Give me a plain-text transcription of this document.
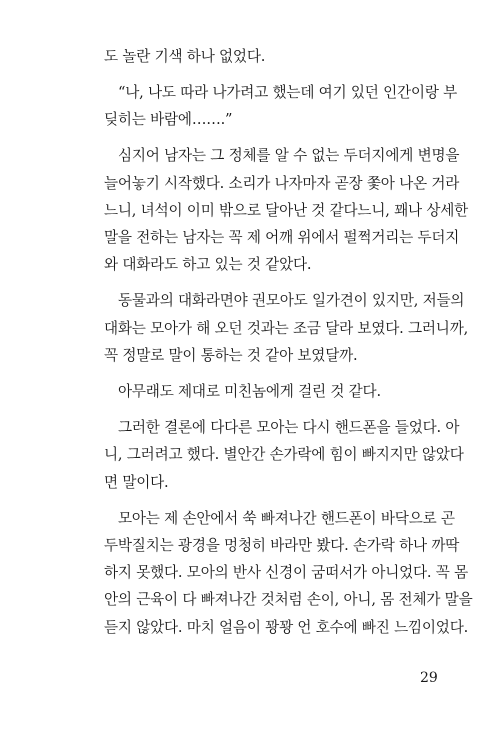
도 놀란 기색 하나 없었다.
“나, 나도 따라 나가려고 했는데 여기 있던 인간이랑 부
딪히는 바람에…….”
심지어 남자는 그 정체를 알 수 없는 두더지에게 변명을
늘어놓기 시작했다. 소리가 나자마자 곧장 쫓아 나온 거라
느니, 녀석이 이미 밖으로 달아난 것 같다느니, 꽤나 상세한
말을 전하는 남자는 꼭 제 어깨 위에서 펄쩍거리는 두더지
와 대화라도 하고 있는 것 같았다.
동물과의 대화라면야 권모아도 일가견이 있지만, 저들의
대화는 모아가 해 오던 것과는 조금 달라 보였다. 그러니까,
꼭 정말로 말이 통하는 것 같아 보였달까.
아무래도 제대로 미친놈에게 걸린 것 같다.
그러한 결론에 다다른 모아는 다시 핸드폰을 들었다. 아
니, 그러려고 했다. 별안간 손가락에 힘이 빠지지만 않았다
면 말이다.
모아는 제 손안에서 쑥 빠져나간 핸드폰이 바닥으로 곤
두박질치는 광경을 멍청히 바라만 봤다. 손가락 하나 까딱
하지 못했다. 모아의 반사 신경이 굼떠서가 아니었다. 꼭 몸
안의 근육이 다 빠져나간 것처럼 손이, 아니, 몸 전체가 말을
듣지 않았다. 마치 얼음이 꽝꽝 언 호수에 빠진 느낌이었다.
29
